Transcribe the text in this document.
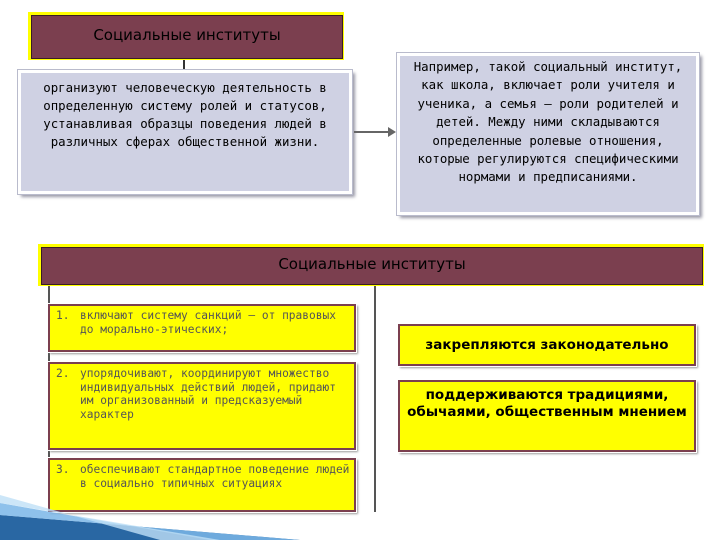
Социальные институты
организуют человеческую деятельность в определенную систему ролей и статусов, устанавливая образцы поведения людей в различных сферах общественной жизни.
Например, такой социальный институт, как школа, включает роли учителя и ученика, а семья — роли родителей и детей. Между ними складываются определенные ролевые отношения, которые регулируются специфическими нормами и предписаниями.
Социальные институты
1. включают систему санкций — от правовых до морально-этических;
2. упорядочивают, координируют множество индивидуальных действий людей, придают им организованный и предсказуемый характер
3. обеспечивают стандартное поведение людей в социально типичных ситуациях
закрепляются законодательно
поддерживаются традициями, обычаями, общественным мнением
